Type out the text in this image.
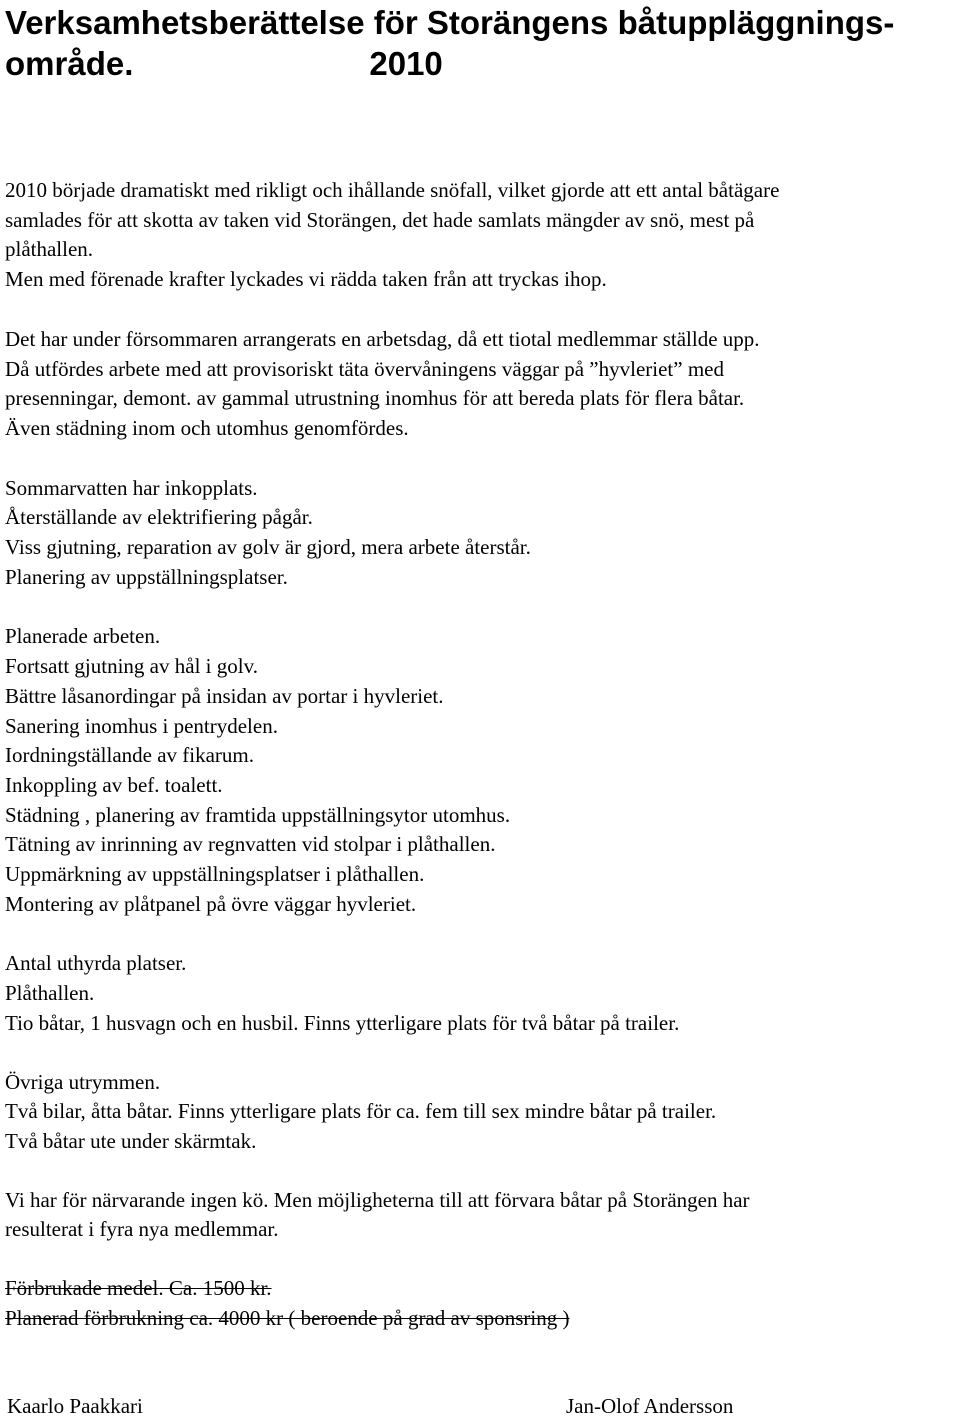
Verksamhetsberättelse för Storängens båtuppläggnings-
område.	2010

2010 började dramatiskt med rikligt och ihållande snöfall, vilket gjorde att ett antal båtägare

samlades för att skotta av taken vid Storängen, det hade samlats mängder av snö, mest på

plåthallen.

Men med förenade krafter lyckades vi rädda taken från att tryckas ihop.

Det har under försommaren arrangerats en arbetsdag, då ett tiotal medlemmar ställde upp.

Då utfördes arbete med att provisoriskt täta övervåningens väggar på ”hyvleriet” med

presenningar, demont. av gammal utrustning inomhus för att bereda plats för flera båtar.

Även städning inom och utomhus genomfördes.

Sommarvatten har inkopplats.

Återställande av elektrifiering pågår.

Viss gjutning, reparation av golv är gjord, mera arbete återstår.

Planering av uppställningsplatser.

Planerade arbeten.

Fortsatt gjutning av hål i golv.

Bättre låsanordingar på insidan av portar i hyvleriet.

Sanering inomhus i pentrydelen.

Iordningställande av fikarum.

Inkoppling av bef. toalett.

Städning , planering av framtida uppställningsytor utomhus.

Tätning av inrinning av regnvatten vid stolpar i plåthallen.

Uppmärkning av uppställningsplatser i plåthallen.

Montering av plåtpanel på övre väggar hyvleriet.

Antal uthyrda platser.

Plåthallen.

Tio båtar, 1 husvagn och en husbil. Finns ytterligare plats för två båtar på trailer.

Övriga utrymmen.

Två bilar, åtta båtar. Finns ytterligare plats för ca. fem till sex mindre båtar på trailer.

Två båtar ute under skärmtak.

Vi har för närvarande ingen kö. Men möjligheterna till att förvara båtar på Storängen har

resulterat i fyra nya medlemmar.

Förbrukade medel. Ca. 1500 kr.

Planerad förbrukning ca. 4000 kr ( beroende på grad av sponsring )

Kaarlo Paakkari	Jan-Olof Andersson
